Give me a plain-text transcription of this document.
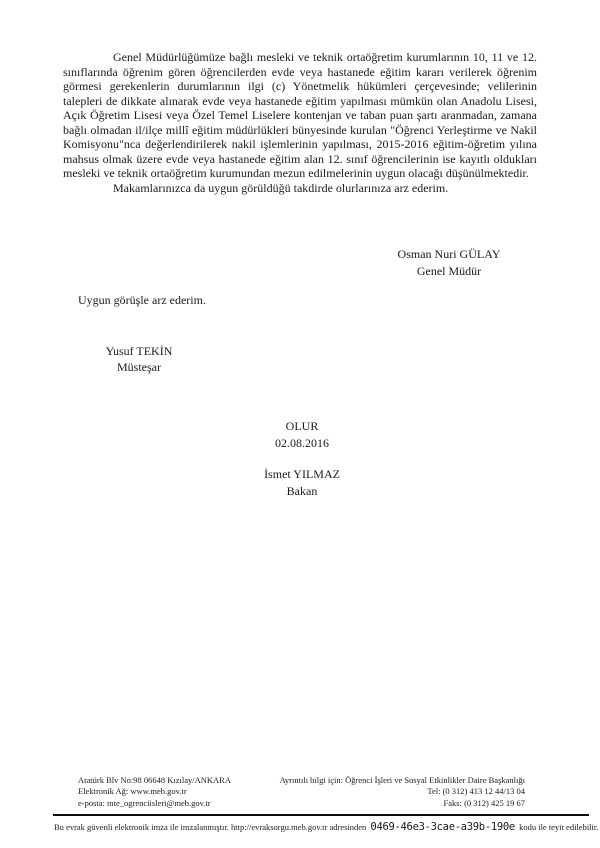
Genel Müdürlüğümüze bağlı mesleki ve teknik ortaöğretim kurumlarının 10, 11 ve 12. sınıflarında öğrenim gören öğrencilerden evde veya hastanede eğitim kararı verilerek öğrenim görmesi gerekenlerin durumlarının ilgi (c) Yönetmelik hükümleri çerçevesinde; velilerinin talepleri de dikkate alınarak evde veya hastanede eğitim yapılması mümkün olan Anadolu Lisesi, Açık Öğretim Lisesi veya Özel Temel Liselere kontenjan ve taban puan şartı aranmadan, zamana bağlı olmadan il/ilçe millî eğitim müdürlükleri bünyesinde kurulan "Öğrenci Yerleştirme ve Nakil Komisyonu"nca değerlendirilerek nakil işlemlerinin yapılması, 2015-2016 eğitim-öğretim yılına mahsus olmak üzere evde veya hastanede eğitim alan 12. sınıf öğrencilerinin ise kayıtlı oldukları mesleki ve teknik ortaöğretim kurumundan mezun edilmelerinin uygun olacağı düşünülmektedir.

Makamlarınızca da uygun görüldüğü takdirde olurlarınıza arz ederim.

Osman Nuri GÜLAY
Genel Müdür
Uygun görüşle arz ederim.
Yusuf TEKİN
Müsteşar
OLUR
02.08.2016
İsmet YILMAZ
Bakan
Atatürk Blv No:98 06648 Kızılay/ANKARA
Elektronik Ağ: www.meb.gov.tr
e-posta: mte_ogrenciisleri@meb.gov.tr
Ayrıntılı bilgi için: Öğrenci İşleri ve Sosyal Etkinlikler Daire Başkanlığı
Tel: (0 312) 413 12 44/13 04
Faks: (0 312) 425 19 67
Bu evrak güvenli elektronik imza ile imzalanmıştır. http://evraksorgu.meb.gov.tr adresinden 0469-46e3-3cae-a39b-190e kodu ile teyit edilebilir.
